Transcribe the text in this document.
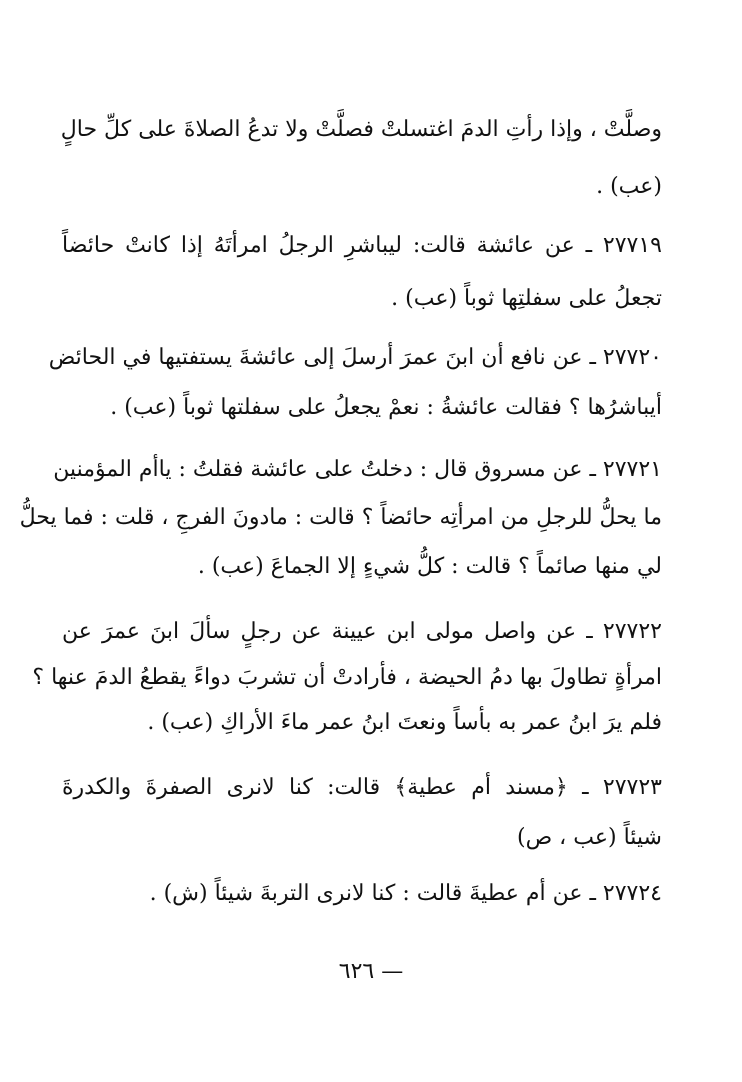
وصلَّتْ ، وإذا رأتِ الدمَ اغتسلتْ فصلَّتْ ولا تدعُ الصلاةَ على كلِّ حالٍ
(عب) .
٢٧٧١٩ ـ عن عائشة قالت: ليباشرِ الرجلُ امرأتَهُ إذا كانتْ حائضاً
تجعلُ على سفلتِها ثوباً (عب) .
٢٧٧٢٠ ـ عن نافع أن ابنَ عمرَ أرسلَ إلى عائشةَ يستفتيها في الحائض
أيباشرُها ؟ فقالت عائشةُ : نعمْ يجعلُ على سفلتها ثوباً (عب) .
٢٧٧٢١ ـ عن مسروق قال : دخلتُ على عائشة فقلتُ : ياأم المؤمنين
ما يحلُّ للرجلِ من امرأتِه حائضاً ؟ قالت : مادونَ الفرجِ ، قلت : فما يحلُّ
لي منها صائماً ؟ قالت : كلُّ شيءٍ إلا الجماعَ (عب) .
٢٧٧٢٢ ـ عن واصل مولى ابن عيينة عن رجلٍ سألَ ابنَ عمرَ عن
امرأةٍ تطاولَ بها دمُ الحيضة ، فأرادتْ أن تشربَ دواءً يقطعُ الدمَ عنها ؟
فلم يرَ ابنُ عمر به بأساً ونعتَ ابنُ عمر ماءَ الأراكِ (عب) .
٢٧٧٢٣ ـ ﴿مسند أم عطية﴾ قالت: كنا لانرى الصفرةَ والكدرةَ
شيئاً (عب ، ص)
٢٧٧٢٤ ـ عن أم عطيةَ قالت : كنا لانرى التربةَ شيئاً (ش) .
— ٦٢٦
